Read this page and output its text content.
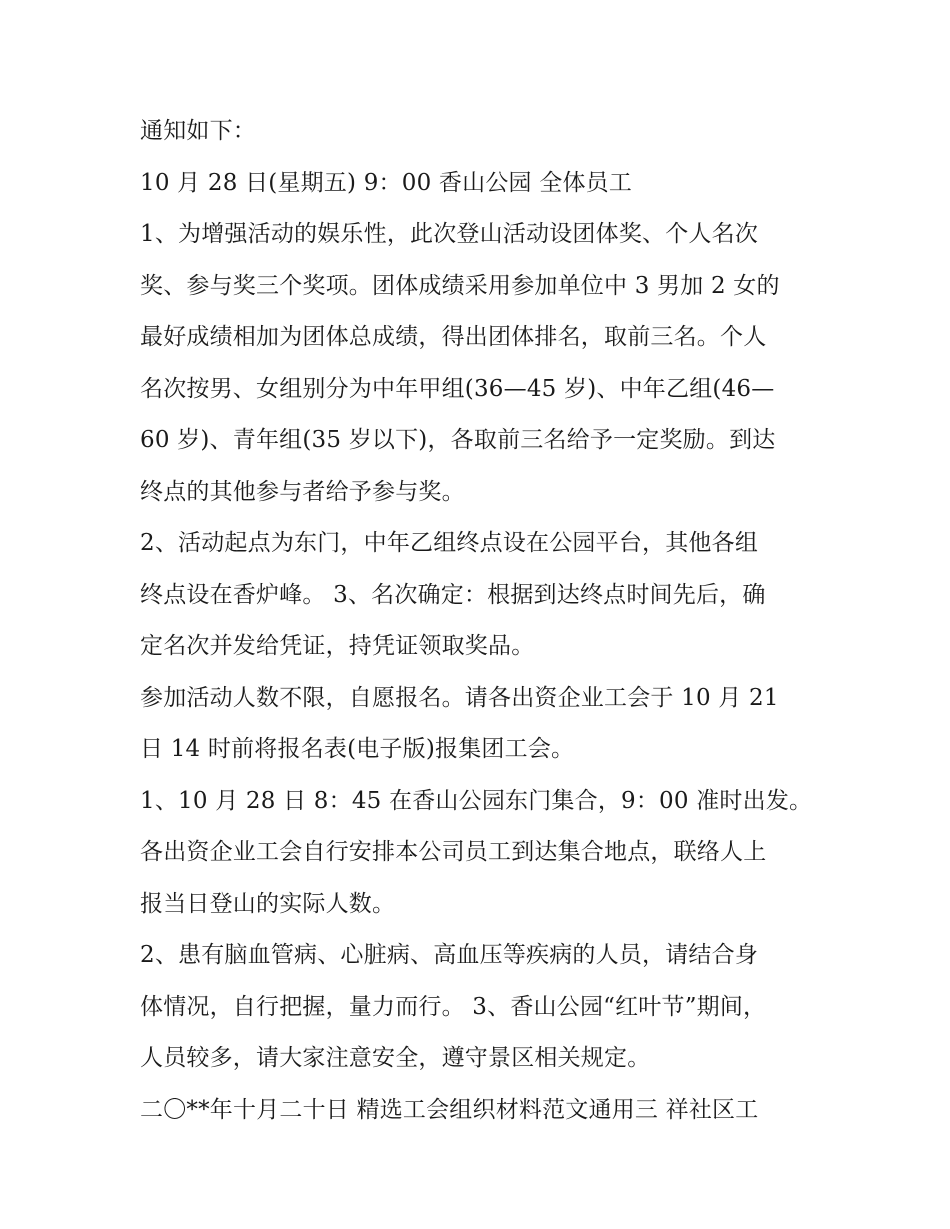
通知如下：
10 月 28 日(星期五) 9：00 香山公园 全体员工
1、为增强活动的娱乐性，此次登山活动设团体奖、个人名次
奖、参与奖三个奖项。团体成绩采用参加单位中 3 男加 2 女的
最好成绩相加为团体总成绩，得出团体排名，取前三名。个人
名次按男、女组别分为中年甲组(36—45 岁)、中年乙组(46—
60 岁)、青年组(35 岁以下)，各取前三名给予一定奖励。到达
终点的其他参与者给予参与奖。
2、活动起点为东门，中年乙组终点设在公园平台，其他各组
终点设在香炉峰。 3、名次确定：根据到达终点时间先后，确
定名次并发给凭证，持凭证领取奖品。
参加活动人数不限，自愿报名。请各出资企业工会于 10 月 21
日 14 时前将报名表(电子版)报集团工会。
1、10 月 28 日 8：45 在香山公园东门集合，9：00 准时出发。
各出资企业工会自行安排本公司员工到达集合地点，联络人上
报当日登山的实际人数。
2、患有脑血管病、心脏病、高血压等疾病的人员，请结合身
体情况，自行把握，量力而行。 3、香山公园“红叶节”期间，
人员较多，请大家注意安全，遵守景区相关规定。
二〇**年十月二十日 精选工会组织材料范文通用三 祥社区工
